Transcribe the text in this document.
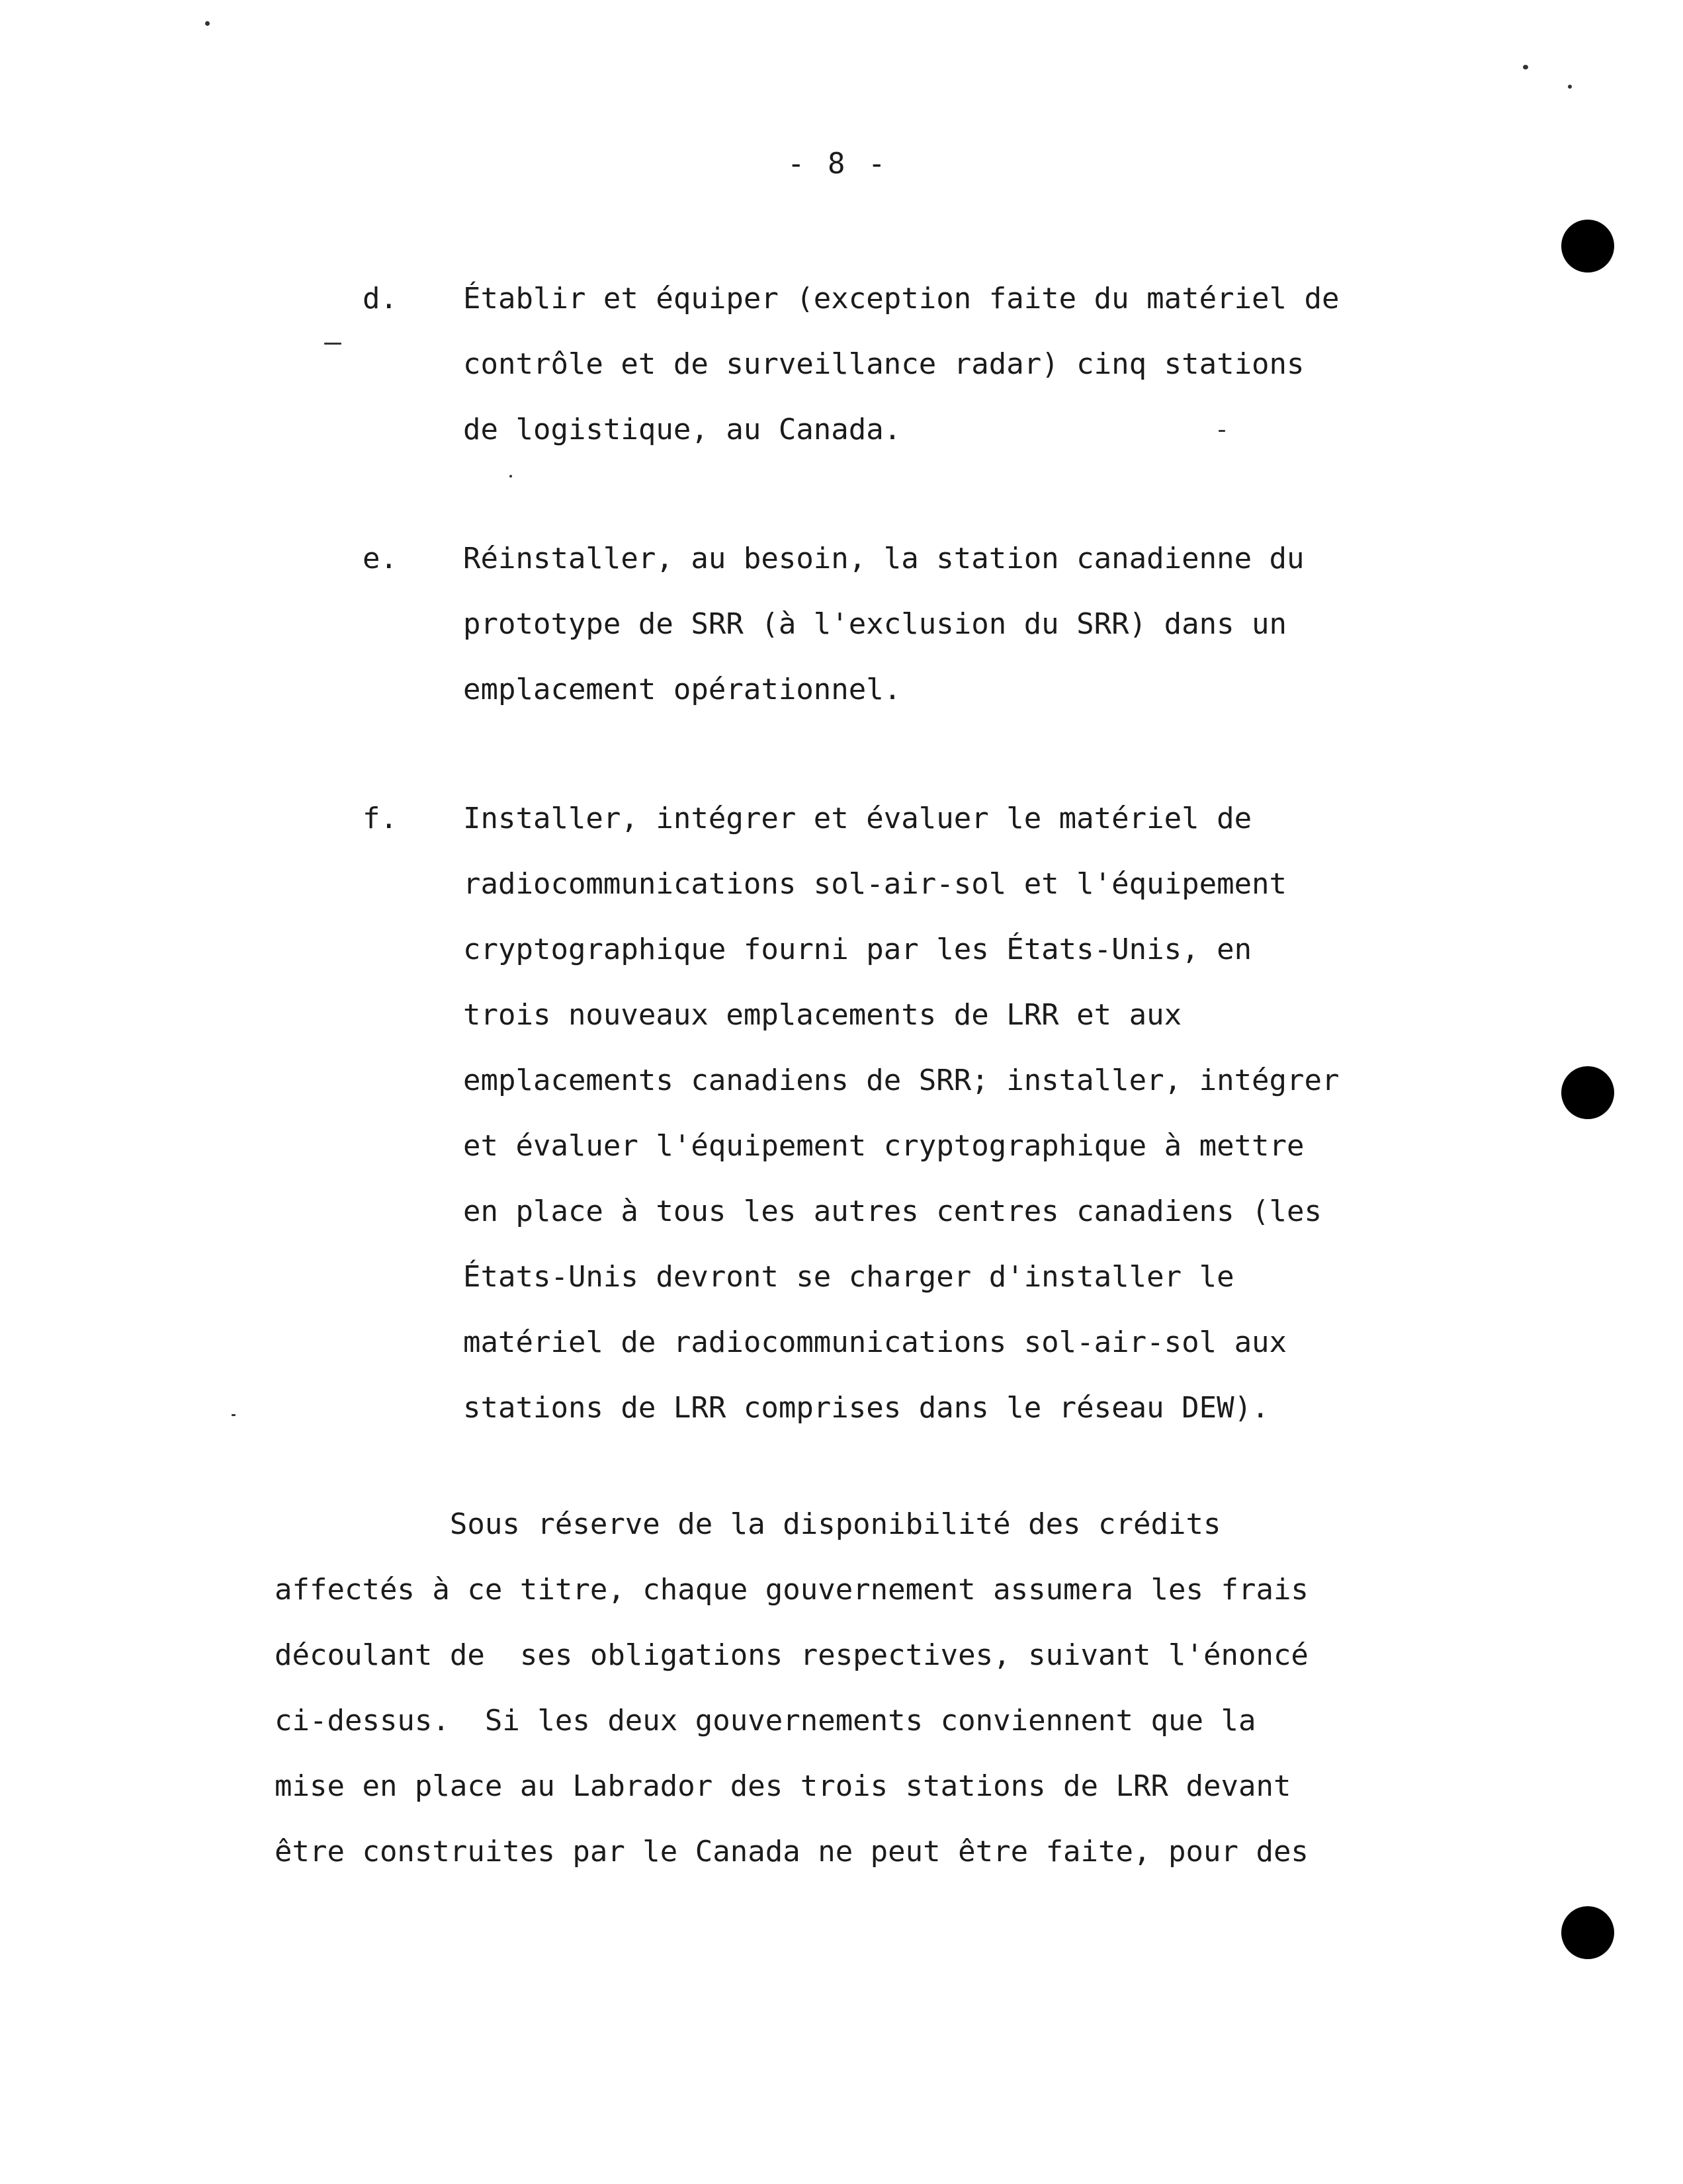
- 8 -
d. Établir et équiper (exception faite du matériel de
contrôle et de surveillance radar) cinq stations
de logistique, au Canada.
e. Réinstaller, au besoin, la station canadienne du
prototype de SRR (à l'exclusion du SRR) dans un
emplacement opérationnel.
f. Installer, intégrer et évaluer le matériel de
radiocommunications sol-air-sol et l'équipement
cryptographique fourni par les États-Unis, en
trois nouveaux emplacements de LRR et aux
emplacements canadiens de SRR; installer, intégrer
et évaluer l'équipement cryptographique à mettre
en place à tous les autres centres canadiens (les
États-Unis devront se charger d'installer le
matériel de radiocommunications sol-air-sol aux
stations de LRR comprises dans le réseau DEW).
Sous réserve de la disponibilité des crédits
affectés à ce titre, chaque gouvernement assumera les frais
découlant de  ses obligations respectives, suivant l'énoncé
ci-dessus.  Si les deux gouvernements conviennent que la
mise en place au Labrador des trois stations de LRR devant
être construites par le Canada ne peut être faite, pour des
